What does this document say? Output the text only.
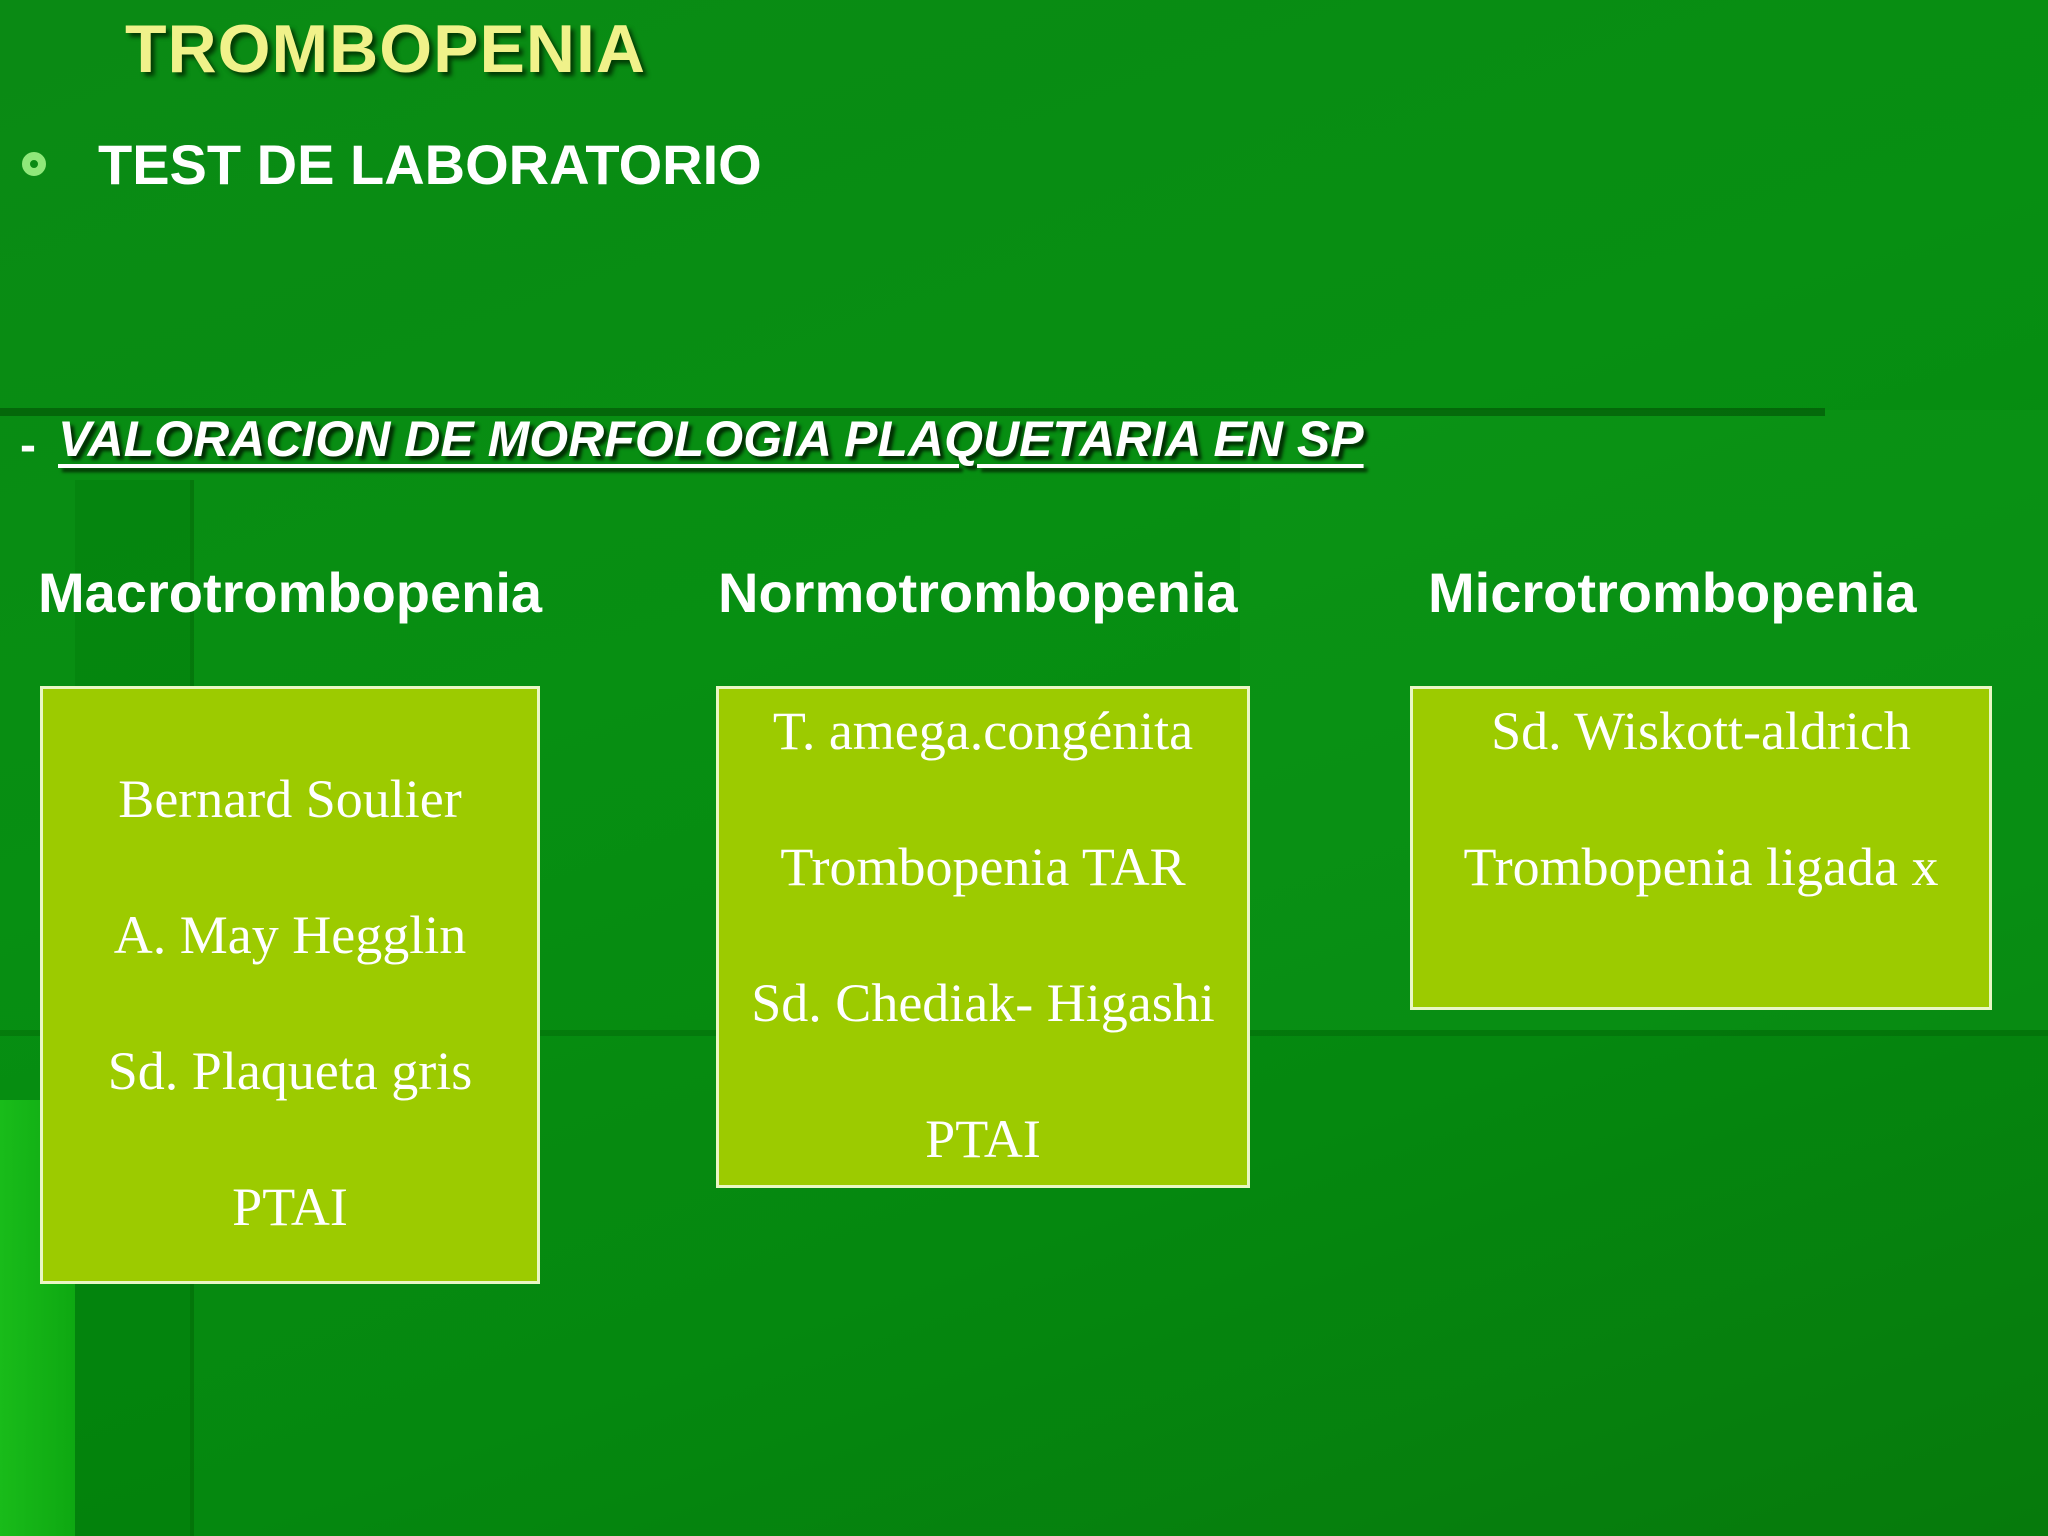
TROMBOPENIA
TEST DE LABORATORIO
- VALORACION DE MORFOLOGIA PLAQUETARIA EN SP
Macrotrombopenia
Bernard Soulier
A. May Hegglin
Sd. Plaqueta gris
PTAI
Normotrombopenia
T. amega.congénita
Trombopenia TAR
Sd. Chediak- Higashi
PTAI
Microtrombopenia
Sd. Wiskott-aldrich
Trombopenia ligada x
